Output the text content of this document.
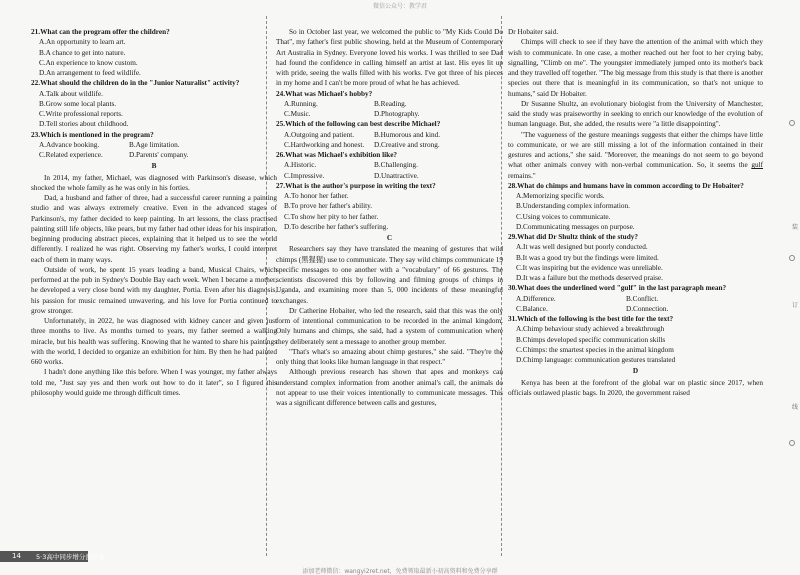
微信公众号：教学君

21.What can the program offer the children?

A.An opportunity to learn art.
B.A chance to get into nature.
C.An experience to know custom.
D.An arrangement to feed wildlife.

22.What should the children do in the "Junior Naturalist" activity?

A.Talk about wildlife.
B.Grow some local plants.
C.Write professional reports.
D.Tell stories about childhood.

23.Which is mentioned in the program?

A.Advance booking.	B.Age limitation.
C.Related experience.	D.Parents' company.
B

In 2014, my father, Michael, was diagnosed with Parkinson's disease, which shocked the whole family as he was only in his forties.

Dad, a husband and father of three, had a successful career running a painting studio and was always extremely creative. Even in the advanced stages of Parkinson's, my father decided to keep painting. In art lessons, the class practised painting still life objects, like pears, but my father had other ideas for his inspiration, beginning producing abstract pieces, explaining that it helped us to see the world differently. I realized he was right. Observing my father's works, I could interpret each of them in many ways.

Outside of work, he spent 15 years leading a band, Musical Chairs, which performed at the pub in Sydney's Double Bay each week. When I became a mother, he developed a very close bond with my daughter, Portia. Even after his diagnosis, his passion for music remained unwavering, and his love for Portia continued to grow stronger.

Unfortunately, in 2022, he was diagnosed with kidney cancer and given just three months to live. As months turned to years, my father seemed a walking miracle, but his health was suffering. Knowing that he wanted to share his paintings with the world, I decided to organize an exhibition for him. By then he had painted 660 works.

I hadn't done anything like this before. When I was younger, my father always told me, "Just say yes and then work out how to do it later", so I figured this philosophy would guide me through difficult times.

So in October last year, we welcomed the public to "My Kids Could Do That", my father's first public showing, held at the Museum of Contemporary Art Australia in Sydney. Everyone loved his works. I was thrilled to see Dad had found the confidence in calling himself an artist at last. His eyes lit up with pride, seeing the walls filled with his works. I've got three of his pieces in my home and I can't be more proud of what he has achieved.

24.What was Michael's hobby?

A.Running.	B.Reading.
C.Music.	D.Photography.

25.Which of the following can best describe Michael?

A.Outgoing and patient.	B.Humorous and kind.
C.Hardworking and honest.	D.Creative and strong.

26.What was Michael's exhibition like?

A.Historic.	B.Challenging.
C.Impressive.	D.Unattractive.

27.What is the author's purpose in writing the text?

A.To honor her father.
B.To prove her father's ability.
C.To show her pity to her father.
D.To describe her father's suffering.
C

Researchers say they have translated the meaning of gestures that wild chimps (黑猩猩) use to communicate. They say wild chimps communicate 19 specific messages to one another with a "vocabulary" of 66 gestures. The scientists discovered this by following and filming groups of chimps in Uganda, and examining more than 5, 000 incidents of these meaningful exchanges.

Dr Catherine Hobaiter, who led the research, said that this was the only form of intentional communication to be recorded in the animal kingdom. Only humans and chimps, she said, had a system of communication where they deliberately sent a message to another group member.

"That's what's so amazing about chimp gestures," she said. "They're the only thing that looks like human language in that respect."

Although previous research has shown that apes and monkeys can understand complex information from another animal's call, the animals do not appear to use their voices intentionally to communicate messages. This was a significant difference between calls and gestures,

Dr Hobaiter said.

Chimps will check to see if they have the attention of the animal with which they wish to communicate. In one case, a mother reached out her foot to her crying baby, signalling, "Climb on me". The youngster immediately jumped onto its mother's back and they travelled off together. "The big message from this study is that there is another species out there that is meaningful in its communication, so that's not unique to humans," said Dr Hobaiter.

Dr Susanne Shultz, an evolutionary biologist from the University of Manchester, said the study was praiseworthy in seeking to enrich our knowledge of the evolution of human language. But, she added, the results were "a little disappointing".

"The vagueness of the gesture meanings suggests that either the chimps have little to communicate, or we are still missing a lot of the information contained in their gestures and actions," she said. "Moreover, the meanings do not seem to go beyond what other animals convey with non-verbal communication. So, it seems the gulf remains."

28.What do chimps and humans have in common according to Dr Hobaiter?

A.Memorizing specific words.
B.Understanding complex information.
C.Using voices to communicate.
D.Communicating messages on purpose.

29.What did Dr Shultz think of the study?

A.It was well designed but poorly conducted.
B.It was a good try but the findings were limited.
C.It was inspiring but the evidence was unreliable.
D.It was a failure but the methods deserved praise.

30.What does the underlined word "gulf" in the last paragraph mean?

A.Difference.	B.Conflict.
C.Balance.	D.Connection.

31.Which of the following is the best title for the text?

A.Chimp behaviour study achieved a breakthrough
B.Chimps developed specific communication skills
C.Chimps: the smartest species in the animal kingdom
D.Chimp language: communication gestures translated
D

Kenya has been at the forefront of the global war on plastic since 2017, when officials outlawed plastic bags. In 2020, the government raised

装
订
线
14 5·3高中同步增分测评卷
添加老师微信：wangyi2ret.net，免费领取最新小初高资料和免费分享群
